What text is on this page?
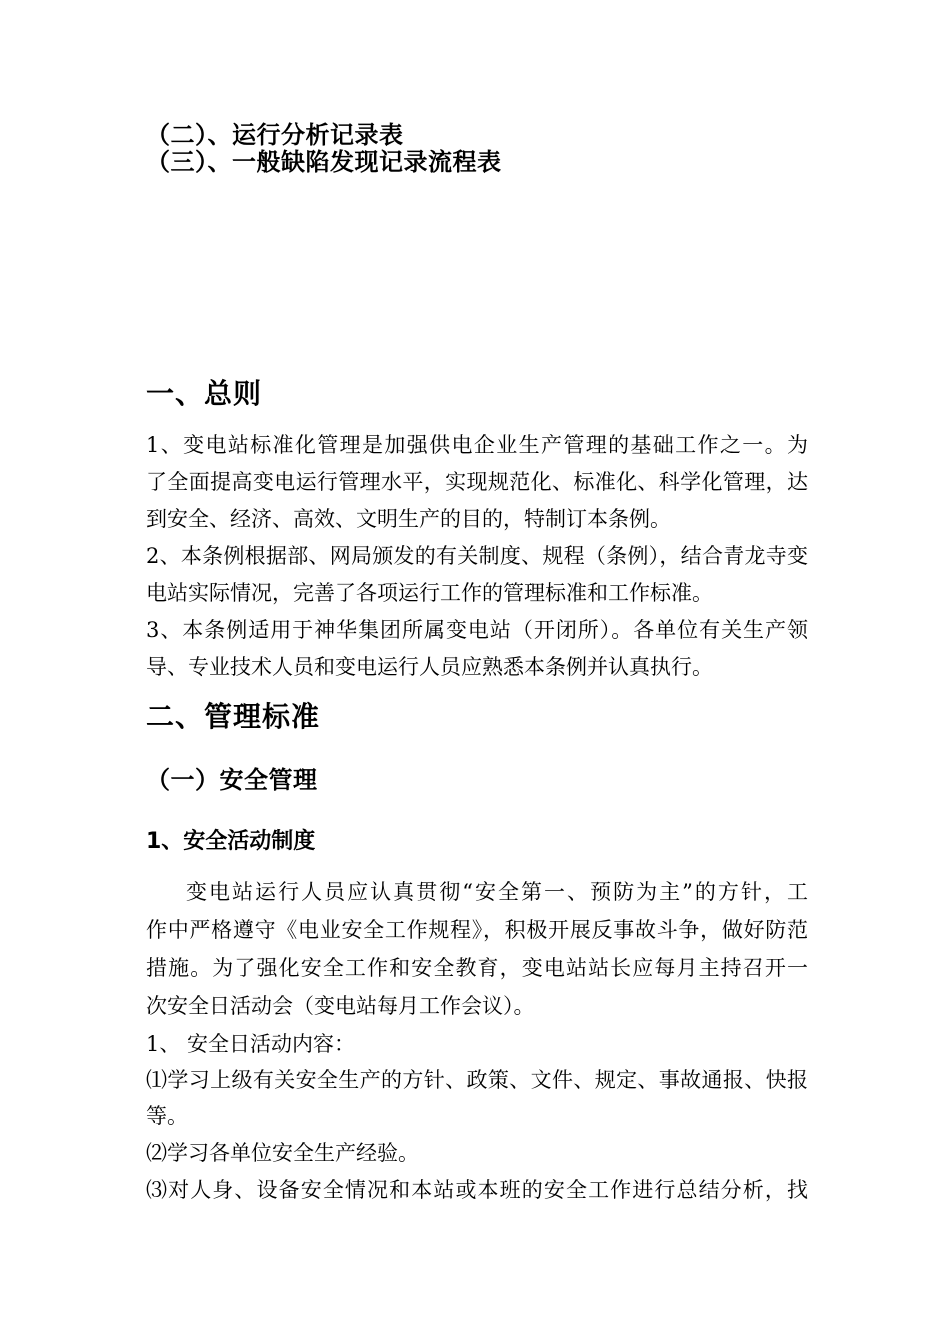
（二）、运行分析记录表
（三）、一般缺陷发现记录流程表
一、总则
1、变电站标准化管理是加强供电企业生产管理的基础工作之一。为
了全面提高变电运行管理水平，实现规范化、标准化、科学化管理，达
到安全、经济、高效、文明生产的目的，特制订本条例。
2、本条例根据部、网局颁发的有关制度、规程（条例），结合青龙寺变
电站实际情况，完善了各项运行工作的管理标准和工作标准。
3、本条例适用于神华集团所属变电站（开闭所）。各单位有关生产领
导、专业技术人员和变电运行人员应熟悉本条例并认真执行。
二、管理标准
（一）安全管理
1、安全活动制度
变电站运行人员应认真贯彻“安全第一、预防为主”的方针，工
作中严格遵守《电业安全工作规程》，积极开展反事故斗争，做好防范
措施。为了强化安全工作和安全教育，变电站站长应每月主持召开一
次安全日活动会（变电站每月工作会议）。
1、 安全日活动内容：
⑴学习上级有关安全生产的方针、政策、文件、规定、事故通报、快报
等。
⑵学习各单位安全生产经验。
⑶对人身、设备安全情况和本站或本班的安全工作进行总结分析，找
